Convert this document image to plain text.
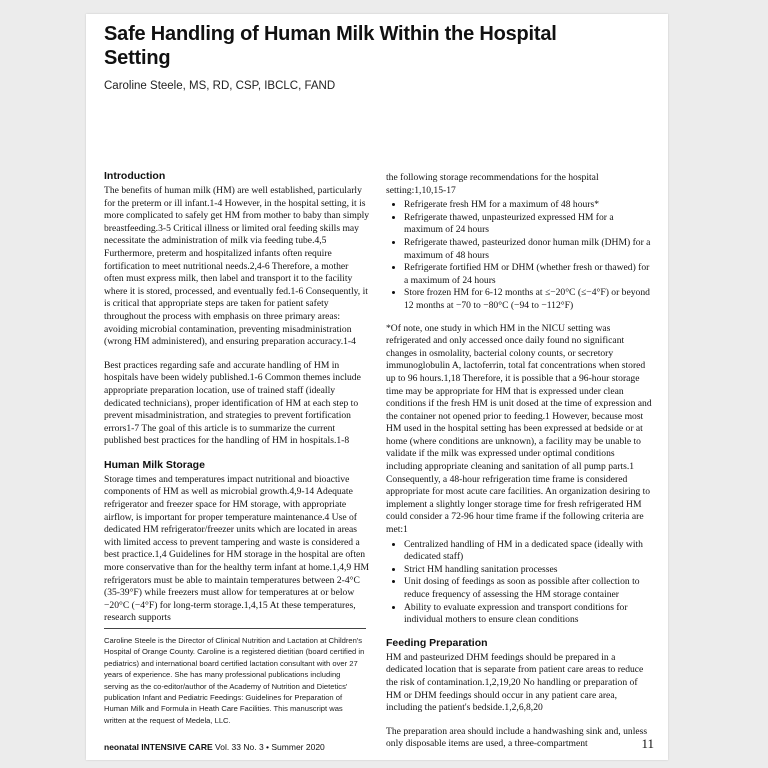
Safe Handling of Human Milk Within the Hospital Setting

Caroline Steele, MS, RD, CSP, IBCLC, FAND

Introduction

The benefits of human milk (HM) are well established, particularly for the preterm or ill infant.1-4 However, in the hospital setting, it is more complicated to safely get HM from mother to baby than simply breastfeeding.3-5 Critical illness or limited oral feeding skills may necessitate the administration of milk via feeding tube.4,5 Furthermore, preterm and hospitalized infants often require fortification to meet nutritional needs.2,4-6 Therefore, a mother often must express milk, then label and transport it to the facility where it is stored, processed, and eventually fed.1-6 Consequently, it is critical that appropriate steps are taken for patient safety throughout the process with emphasis on three primary areas: avoiding microbial contamination, preventing misadministration (wrong HM administered), and ensuring preparation accuracy.1-4

Best practices regarding safe and accurate handling of HM in hospitals have been widely published.1-6 Common themes include appropriate preparation location, use of trained staff (ideally dedicated technicians), proper identification of HM at each step to prevent misadministration, and strategies to prevent fortification errors1-7 The goal of this article is to summarize the current published best practices for the handling of HM in hospitals.1-8

Human Milk Storage

Storage times and temperatures impact nutritional and bioactive components of HM as well as microbial growth.4,9-14 Adequate refrigerator and freezer space for HM storage, with appropriate airflow, is important for proper temperature maintenance.4 Use of dedicated HM refrigerator/freezer units which are located in areas with limited access to prevent tampering and waste is considered a best practice.1,4 Guidelines for HM storage in the hospital are often more conservative than for the healthy term infant at home.1,4,9 HM refrigerators must be able to maintain temperatures between 2-4°C (35-39°F) while freezers must allow for temperatures at or below −20°C (−4°F) for long-term storage.1,4,15 At these temperatures, research supports

Caroline Steele is the Director of Clinical Nutrition and Lactation at Children's Hospital of Orange County. Caroline is a registered dietitian (board certified in pediatrics) and international board certified lactation consultant with over 27 years of experience. She has many professional publications including serving as the co-editor/author of the Academy of Nutrition and Dietetics' publication Infant and Pediatric Feedings: Guidelines for Preparation of Human Milk and Formula in Heath Care Facilities. This manuscript was written at the request of Medela, LLC.

the following storage recommendations for the hospital setting:1,10,15-17

• Refrigerate fresh HM for a maximum of 48 hours*
• Refrigerate thawed, unpasteurized expressed HM for a maximum of 24 hours
• Refrigerate thawed, pasteurized donor human milk (DHM) for a maximum of 48 hours
• Refrigerate fortified HM or DHM (whether fresh or thawed) for a maximum of 24 hours
• Store frozen HM for 6-12 months at ≤−20°C (≤−4°F) or beyond 12 months at −70 to −80°C (−94 to −112°F)

*Of note, one study in which HM in the NICU setting was refrigerated and only accessed once daily found no significant changes in osmolality, bacterial colony counts, or secretory immunoglobulin A, lactoferrin, total fat concentrations when stored up to 96 hours.1,18 Therefore, it is possible that a 96-hour storage time may be appropriate for HM that is expressed under clean conditions if the fresh HM is unit dosed at the time of expression and the container not opened prior to feeding.1 However, because most HM used in the hospital setting has been expressed at bedside or at home (where conditions are unknown), a facility may be unable to validate if the milk was expressed under optimal conditions including appropriate cleaning and sanitation of all pump parts.1 Consequently, a 48-hour refrigeration time frame is considered appropriate for most acute care facilities. An organization desiring to implement a slightly longer storage time for fresh refrigerated HM could consider a 72-96 hour time frame if the following criteria are met:1

• Centralized handling of HM in a dedicated space (ideally with dedicated staff)
• Strict HM handling sanitation processes
• Unit dosing of feedings as soon as possible after collection to reduce frequency of assessing the HM storage container
• Ability to evaluate expression and transport conditions for individual mothers to ensure clean conditions
Feeding Preparation

HM and pasteurized DHM feedings should be prepared in a dedicated location that is separate from patient care areas to reduce the risk of contamination.1,2,19,20 No handling or preparation of HM or DHM feedings should occur in any patient care area, including the patient's bedside.1,2,6,8,20

The preparation area should include a handwashing sink and, unless only disposable items are used, a three-compartment

neonatal INTENSIVE CARE Vol. 33 No. 3 • Summer 2020	11
